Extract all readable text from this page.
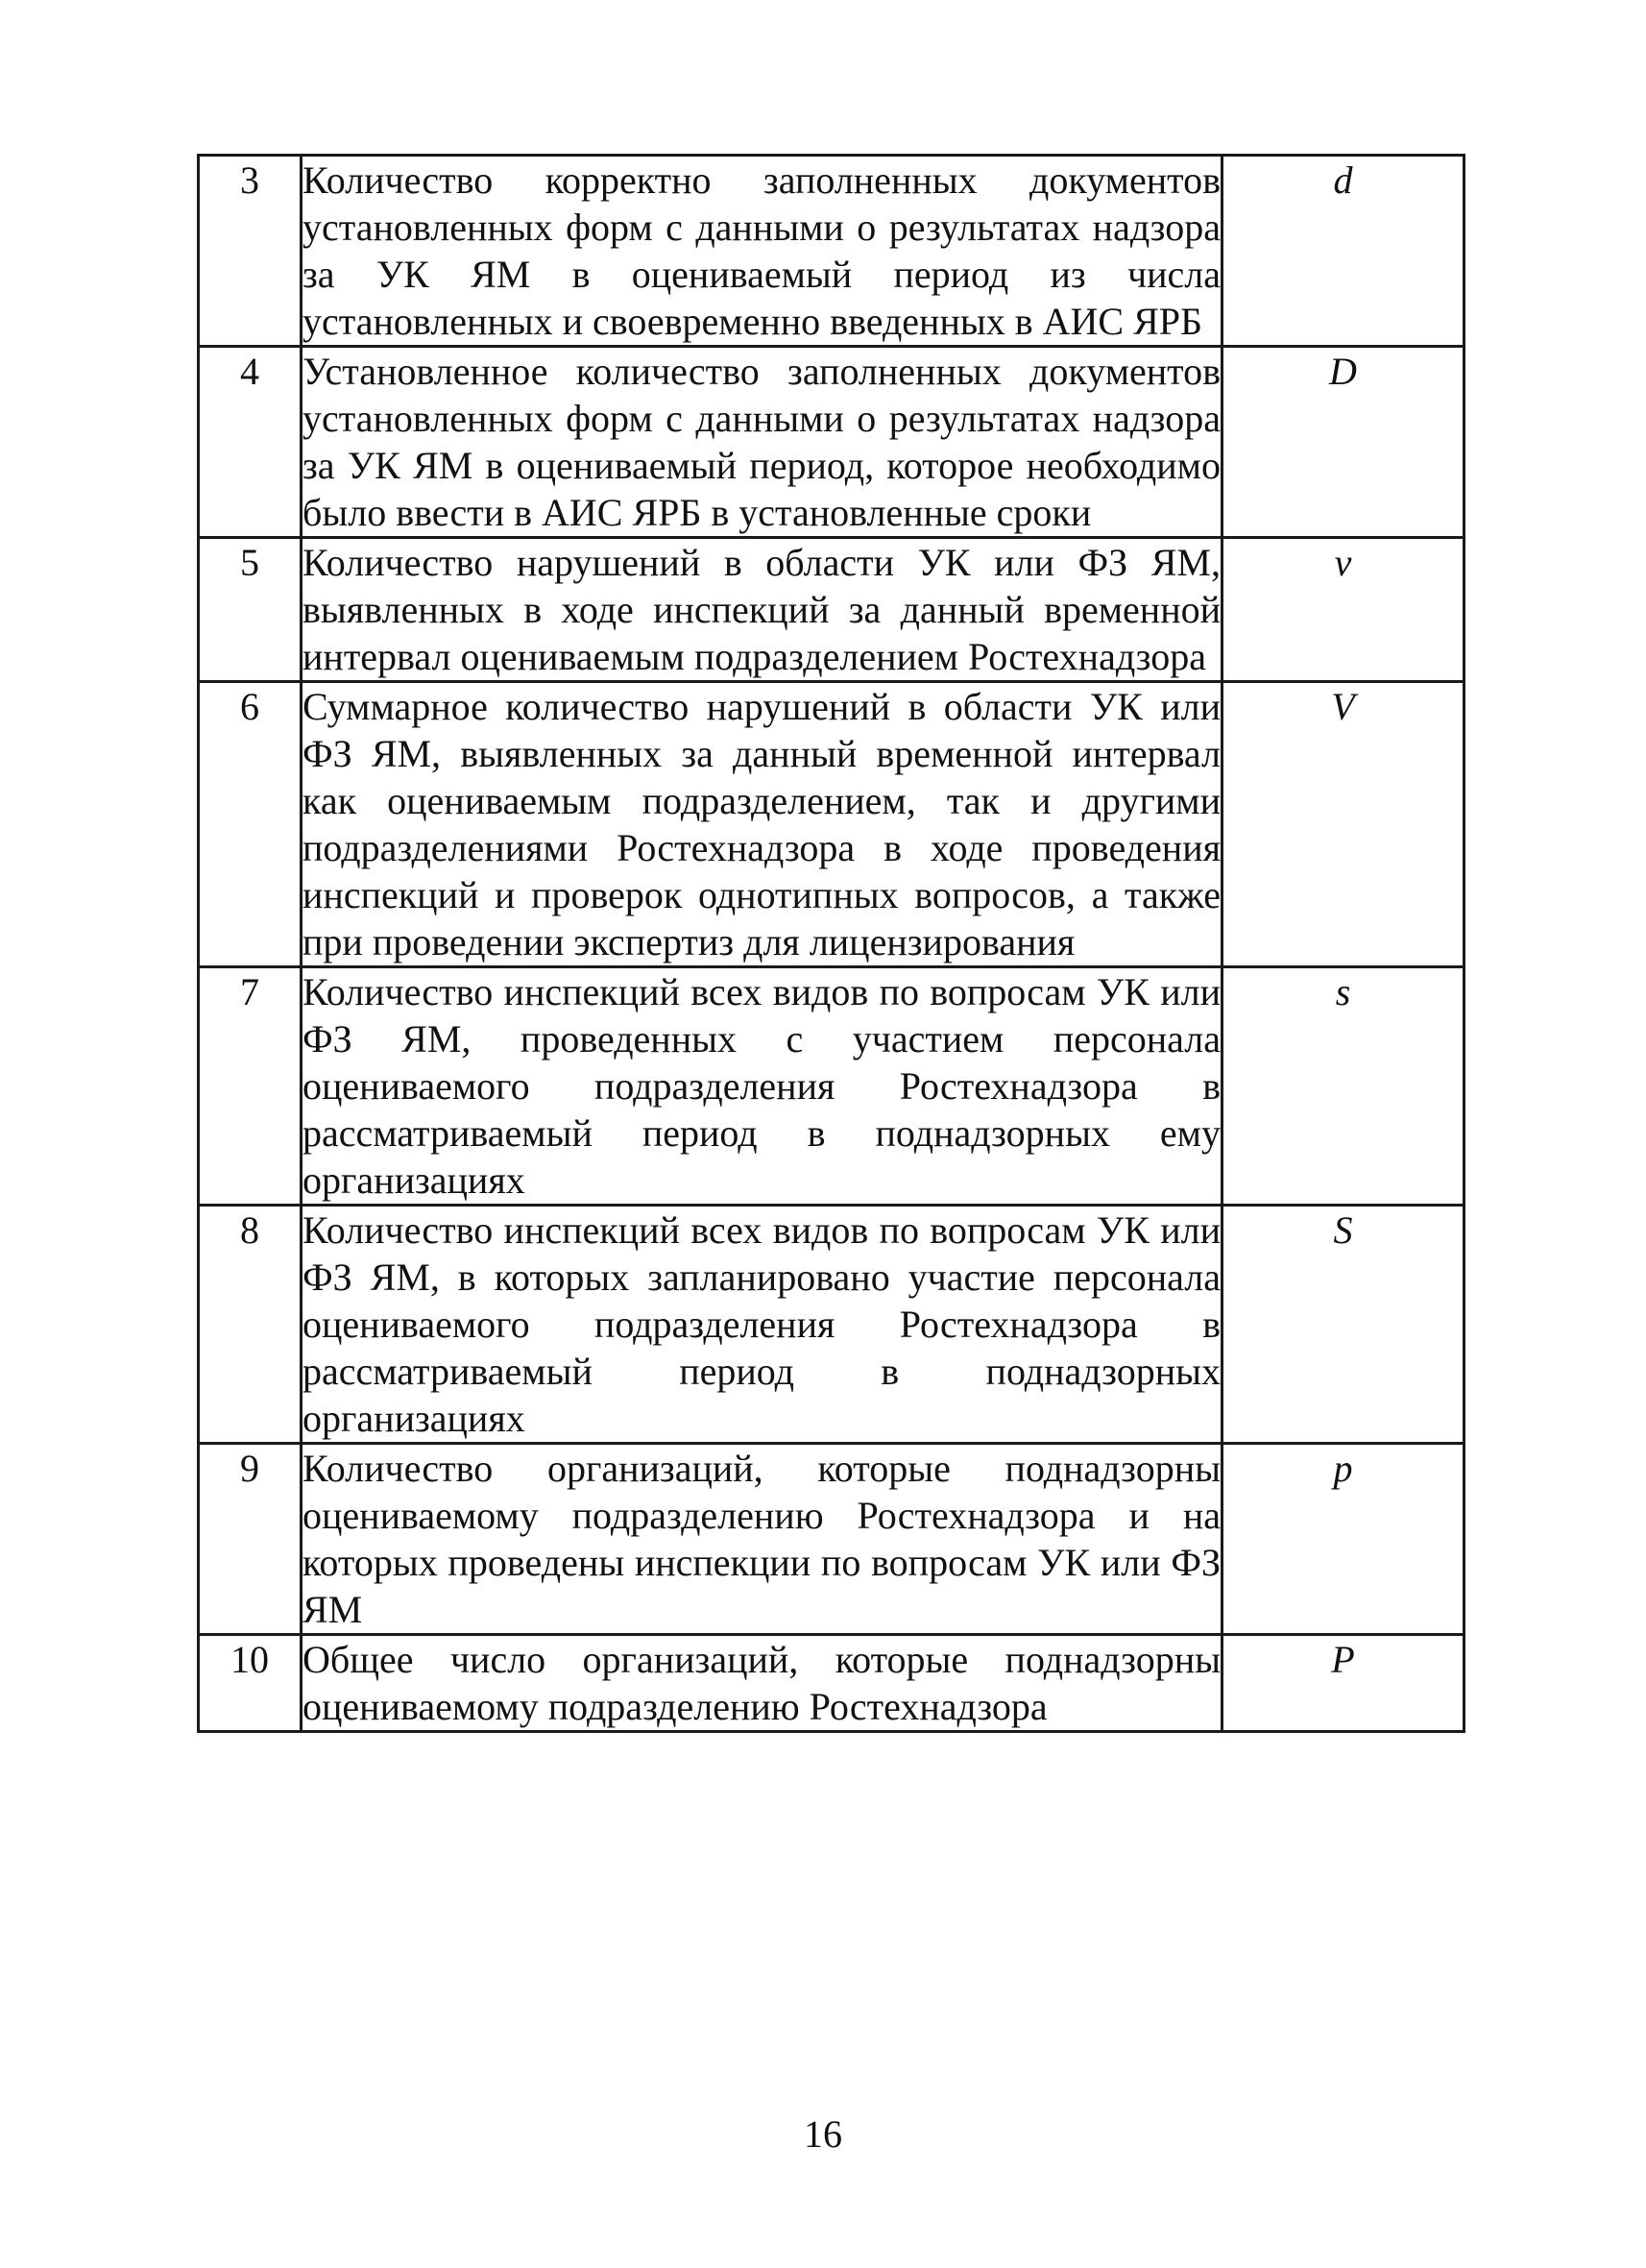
3	Количество корректно заполненных документов установленных форм с данными о результатах надзора за УК ЯМ в оцениваемый период из числа установленных и своевременно введенных в АИС ЯРБ	d
4	Установленное количество заполненных документов установленных форм с данными о результатах надзора за УК ЯМ в оцениваемый период, которое необходимо было ввести в АИС ЯРБ в установленные сроки	D
5	Количество нарушений в области УК или ФЗ ЯМ, выявленных в ходе инспекций за данный временной интервал оцениваемым подразделением Ростехнадзора	v
6	Суммарное количество нарушений в области УК или ФЗ ЯМ, выявленных за данный временной интервал как оцениваемым подразделением, так и другими подразделениями Ростехнадзора в ходе проведения инспекций и проверок однотипных вопросов, а также при проведении экспертиз для лицензирования	V
7	Количество инспекций всех видов по вопросам УК или ФЗ ЯМ, проведенных с участием персонала оцениваемого подразделения Ростехнадзора в рассматриваемый период в поднадзорных ему организациях	s
8	Количество инспекций всех видов по вопросам УК или ФЗ ЯМ, в которых запланировано участие персонала оцениваемого подразделения Ростехнадзора в рассматриваемый период в поднадзорных организациях	S
9	Количество организаций, которые поднадзорны оцениваемому подразделению Ростехнадзора и на которых проведены инспекции по вопросам УК или ФЗ ЯМ	p
10	Общее число организаций, которые поднадзорны оцениваемому подразделению Ростехнадзора	P
16
